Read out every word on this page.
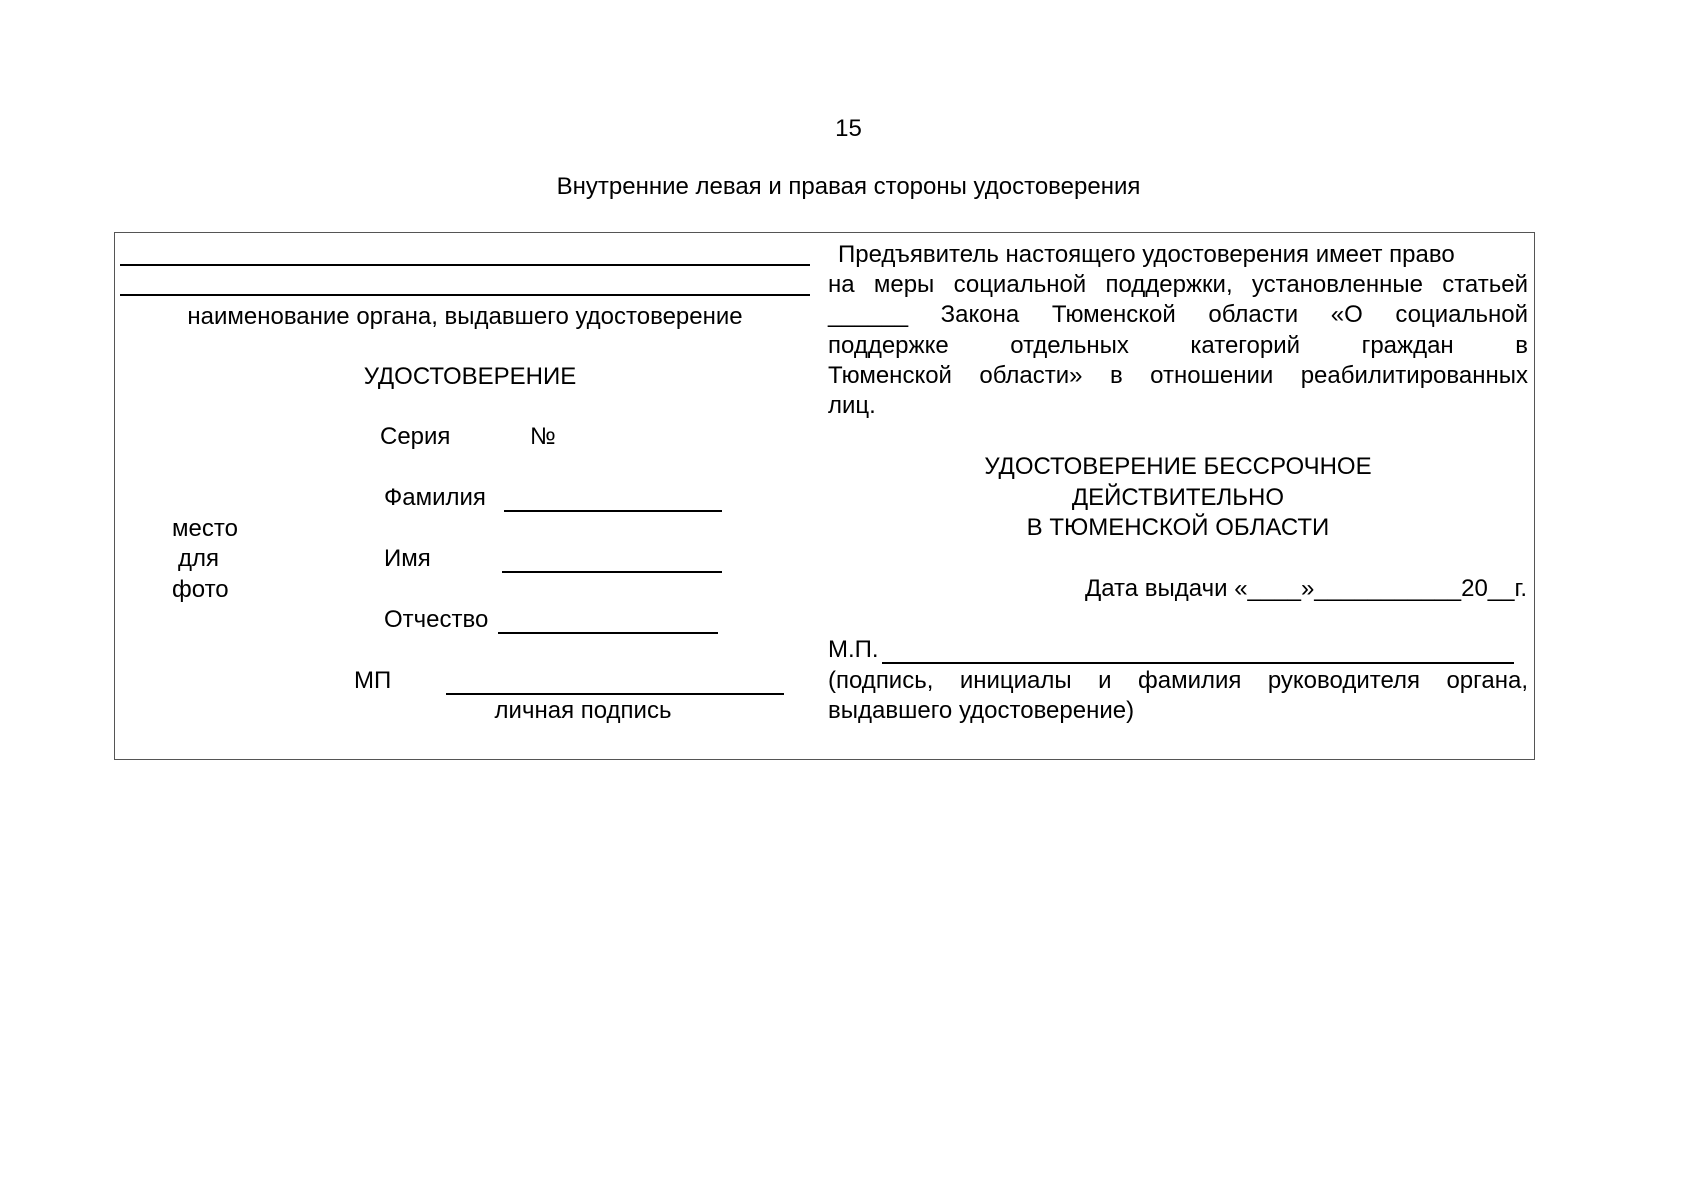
15
Внутренние левая и правая стороны удостоверения
наименование органа, выдавшего удостоверение
УДОСТОВЕРЕНИЕ
Серия	№
Фамилия
Имя
Отчество
место
для
фото
МП
личная подпись
Предъявитель настоящего удостоверения имеет право
на меры социальной поддержки, установленные статьей
______ Закона Тюменской области «О социальной
поддержке отдельных категорий граждан в
Тюменской области» в отношении реабилитированных
лиц.
УДОСТОВЕРЕНИЕ БЕССРОЧНОЕ
ДЕЙСТВИТЕЛЬНО
В ТЮМЕНСКОЙ ОБЛАСТИ
Дата выдачи «____»___________20__г.
М.П.
(подпись, инициалы и фамилия руководителя органа,
выдавшего удостоверение)
